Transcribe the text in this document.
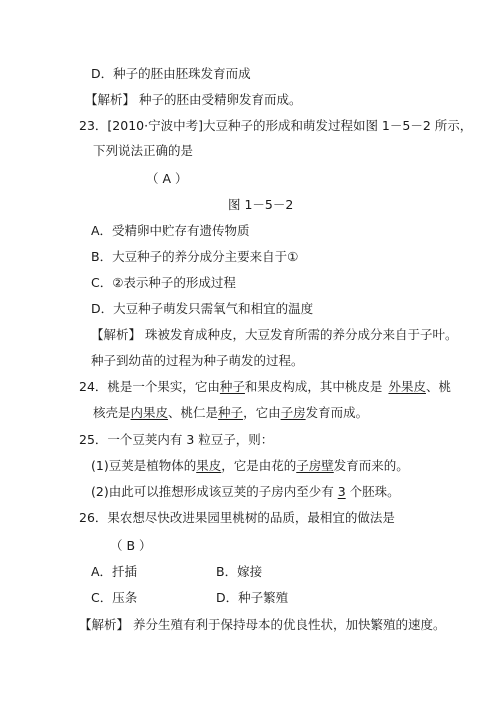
D．种子的胚由胚珠发育而成
【解析】 种子的胚由受精卵发育而成。
23．[2010·宁波中考]大豆种子的形成和萌发过程如图 1－5－2 所示，
下列说法正确的是
（ A ）
图 1－5－2
A．受精卵中贮存有遗传物质
B．大豆种子的养分成分主要来自于①
C．②表示种子的形成过程
D．大豆种子萌发只需氧气和相宜的温度
【解析】 珠被发育成种皮，大豆发育所需的养分成分来自于子叶。
种子到幼苗的过程为种子萌发的过程。
24．桃是一个果实，它由种子和果皮构成，其中桃皮是 外果皮、桃
核壳是内果皮、桃仁是种子，它由子房发育而成。
25．一个豆荚内有 3 粒豆子，则：
(1)豆荚是植物体的果皮，它是由花的子房壁发育而来的。
(2)由此可以推想形成该豆荚的子房内至少有 3 个胚珠。
26．果农想尽快改进果园里桃树的品质，最相宜的做法是
（ B ）
A．扦插	B．嫁接
C．压条	D．种子繁殖
【解析】 养分生殖有利于保持母本的优良性状，加快繁殖的速度。
